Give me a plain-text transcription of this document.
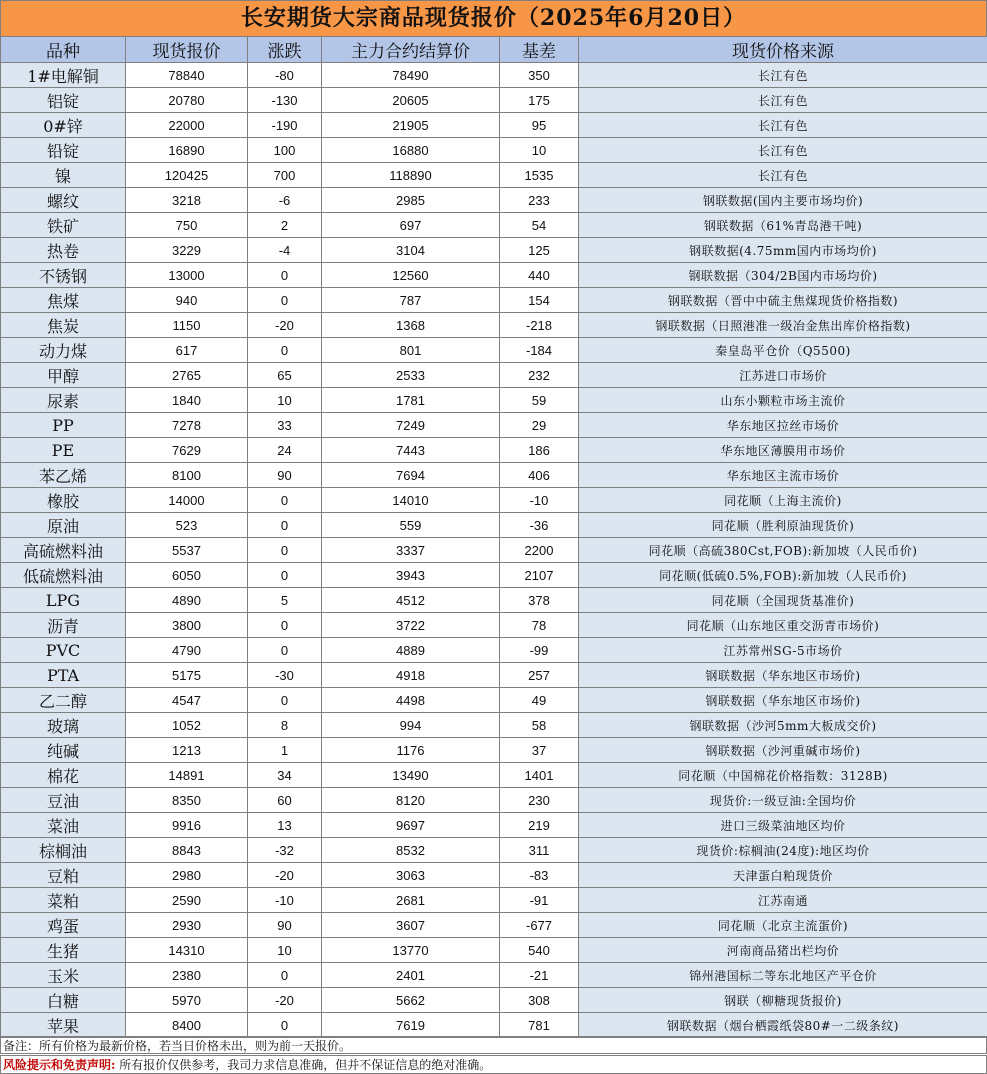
长安期货大宗商品现货报价（2025年6月20日）
品种	现货报价	涨跌	主力合约结算价	基差	现货价格来源
1#电解铜	78840	-80	78490	350	长江有色
铝锭	20780	-130	20605	175	长江有色
0#锌	22000	-190	21905	95	长江有色
铅锭	16890	100	16880	10	长江有色
镍	120425	700	118890	1535	长江有色
螺纹	3218	-6	2985	233	钢联数据(国内主要市场均价)
铁矿	750	2	697	54	钢联数据（61%青岛港干吨)
热卷	3229	-4	3104	125	钢联数据(4.75mm国内市场均价)
不锈钢	13000	0	12560	440	钢联数据（304/2B国内市场均价)
焦煤	940	0	787	154	钢联数据（晋中中硫主焦煤现货价格指数)
焦炭	1150	-20	1368	-218	钢联数据（日照港准一级冶金焦出库价格指数)
动力煤	617	0	801	-184	秦皇岛平仓价（Q5500)
甲醇	2765	65	2533	232	江苏进口市场价
尿素	1840	10	1781	59	山东小颗粒市场主流价
PP	7278	33	7249	29	华东地区拉丝市场价
PE	7629	24	7443	186	华东地区薄膜用市场价
苯乙烯	8100	90	7694	406	华东地区主流市场价
橡胶	14000	0	14010	-10	同花顺（上海主流价)
原油	523	0	559	-36	同花顺（胜利原油现货价)
高硫燃料油	5537	0	3337	2200	同花顺（高硫380Cst,FOB):新加坡（人民币价)
低硫燃料油	6050	0	3943	2107	同花顺(低硫0.5%,FOB):新加坡（人民币价)
LPG	4890	5	4512	378	同花顺（全国现货基准价)
沥青	3800	0	3722	78	同花顺（山东地区重交沥青市场价)
PVC	4790	0	4889	-99	江苏常州SG-5市场价
PTA	5175	-30	4918	257	钢联数据（华东地区市场价)
乙二醇	4547	0	4498	49	钢联数据（华东地区市场价)
玻璃	1052	8	994	58	钢联数据（沙河5mm大板成交价)
纯碱	1213	1	1176	37	钢联数据（沙河重碱市场价)
棉花	14891	34	13490	1401	同花顺（中国棉花价格指数：3128B)
豆油	8350	60	8120	230	现货价:一级豆油:全国均价
菜油	9916	13	9697	219	进口三级菜油地区均价
棕榈油	8843	-32	8532	311	现货价:棕榈油(24度):地区均价
豆粕	2980	-20	3063	-83	天津蛋白粕现货价
菜粕	2590	-10	2681	-91	江苏南通
鸡蛋	2930	90	3607	-677	同花顺（北京主流蛋价)
生猪	14310	10	13770	540	河南商品猪出栏均价
玉米	2380	0	2401	-21	锦州港国标二等东北地区产平仓价
白糖	5970	-20	5662	308	钢联（柳糖现货报价)
苹果	8400	0	7619	781	钢联数据（烟台栖霞纸袋80#一二级条纹)
备注：所有价格为最新价格，若当日价格未出，则为前一天报价。
风险提示和免责声明: 所有报价仅供参考，我司力求信息准确，但并不保证信息的绝对准确。
